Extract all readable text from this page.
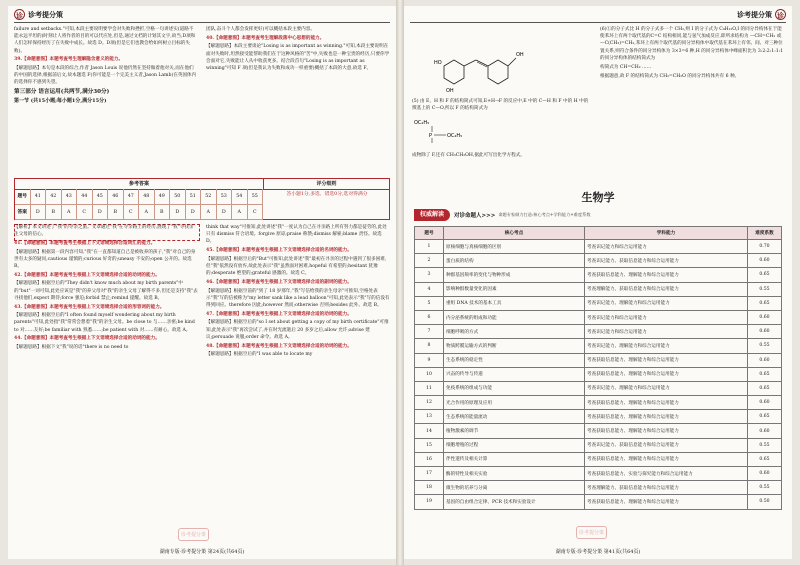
诊 诊考提分策

failure and setbacks."可知,本段主要说明要学会对失败和挫折,空格一句讲述实(道路不能永远平坦的)时刻让人将作者的目的可以代应处,但是,通过文档的计划其文字,故当,D项和人们怎样保持经历了在失败中成长。故选 D。D项(但是它们也教会给如何树立目标的失败)。

39.【命题意图】本题考查考生理解隐含意义的能力。

【解题思路】本句是本段的综合,作者 Jason Louis 说他仍然在坚持做着他对关,而在他们的中国的选择,根据前后文,故本题选 F(你可能是一个完美主义者,Jason Lamb)在英国体内的选择你不感到失望。

第三部分 语言运用(共两节,满分30分)
第一节 (共15小题;每小题1分,满分15分)

团队,奋斗个人都会发挥更好)可以概括本段主要内容。

40.【命题意图】本题考查考生理解段落中心思想的能力。

【解题思路】本段主要谈论"Losing is as important as winning."可知,本段主要说明在面对失败时,坦然接受能帮助我们在于这种风格的"苦"中,失败也是一种宝贵的经历,只要你学会面对它,失败能让人从中收获更多。结合段首句"Losing is as important as winning"可知 F 项(但是我认为失败和成功一样重要)概括了本段的大意,故选 F。

参考答案	评分细则
题号	41	42	43	44	45	46	47	48	49	50	51	52	53	54	55
答案	D	B	A	C	D	B	C	A	B	D	D	A	D	A	C
答小题1分,多选、错选0分,选对得满分

【解析】本文讲述了"我"的寻亲之旅。文章通过"我"在寻亲路上的经历,展现了"我"寻找亲生父母的信心。

41.【命题意图】本题考查考生根据上下文语境选择合适词汇的能力。

【解题思路】根据第一段内容可知,"我"在一直都知道自己是被收养的孩子,"我"对自己的身世有太多的疑问,cautious 谨慎的;curious 好奇的;uneasy 不安的;open 公开的。故选 B。

42.【命题意图】本题考查考生根据上下文语境选择合适的动词的能力。

【解题思路】根据空后的"They didn't know much about my birth parents"中的"but"一词可知,此处应该是"我"的养父母对"我"的亲生父母了解得不多,但还是支持"我"去寻找他们,expect 期待;force 强迫;forbid 禁止;remind 提醒。故选 B。

43.【命题意图】本题考查考生根据上下文语境选择合适的形容词的能力。

【解题思路】根据空后的"I often found myself wondering about my birth parents"可知,此处指"我"常常会想着"我"的亲生父母。be close to 与……亲密;be kind to 对……友好;be familiar with 熟悉……;be patient with 对……有耐心。故选 A。

44.【命题意图】本题考查考生根据上下文语境选择合适的动词的能力。

【解题思路】根据下文"我"说的话"there is no need to

think that way"可推知,此处讲述"我"一度认为自己在寻亲路上所有努力都是徒劳的,此处只有 dismiss 符合语境。forgive 原谅;praise 称赞;dismiss 解雇;blame 责怪。故选 D。

45.【命题意图】本题考查考生根据上下文语境选择合适的名词的能力。

【解题思路】根据空后的"But"可推知,此处讲述"我"最初在寻亲的过程中遇到了很多困难,但"我"依然没有放弃,故此处表示"我"虽然面对困难,hopeful 有希望的;hesitant 犹豫的;desperate 绝望的;grateful 感激的。故选 C。

46.【命题意图】本题考查考生根据上下文语境选择合适的副词的能力。

【解题思路】根据空前的"到了 18 岁那年,"我"写信给我的亲生母亲"可推知,空格处表示"我"写的信被称为"my letter sank like a lead balloon"可知,此处表示"我"写的信没有得到回应。therefore 因此;however 然而;otherwise 否则;besides 此外。故选 B。

47.【命题意图】本题考查考生根据上下文语境选择合适的动词的能力。

【解题思路】根据空后的"so I set about getting a copy of my birth certificate"可推知,此处表示"我"再次尝试了,并在时光流逝后 20 多岁之后,allow 允许;advise 建议;persuade 说服;order 命令。故选 A。

48.【命题意图】本题考查考生根据上下文语境选择合适的动词的能力。

【解题思路】根据空后的"I was able to locate my

诊考提分策
湖南专版·诊考提分策 第24页(共64页)
诊考提分策 诊
OH
HO
OH

(5) 由 E、H 和 F 的结构简式可知,E+H→F 的反应中,E 中的 C—H 和 F 中的 H 中的羰基上的 C—O,所以 F 的结构简式为

OC₂H₅
P	OC₂H₅

成物除了 F,还有 CH₃CH₂OH,据此可写出化学方程式。

(6)①的分子式比 H 的分子式多一个 CH₂,则 I 的分子式为 C₉H₁₂O,I 的同分异构体在于能使苯环上有两个取代基的C=C 结构相同,能与氢气加成反应,即所求结构为 —CH=CH₂ 或—C(CH₃)=CH₂,苯环上有两个取代基的同分异构体中取代基在苯环上有邻、间、对三种位置关系,则符合条件的同分异构体为 3×3=6 种,H 的同分异构体中峰面积比为 3:2:2:1:1:1 的同分异构体的结构简式为

构简式为 CH=CH₂ ……

根据题意,故 F 的结构简式为 CH₂=CH₂O 的同分异构体共有 6 种。

生物学
权威解读	对诊命题人>>> 命题专家倾力打造:核心考点+学科能力+难度系数
题号	核心考点	学科能力	难度系数
1	原核细胞与真核细胞的区别	考查识记能力和综合运用能力	0.70
2	蛋白质的结构	考查识记能力、获取信息能力和综合运用能力	0.60
3	种群基因频率的变化与物种形成	考查获取信息能力、理解能力和综合运用能力	0.65
4	影响种群数量变化的因素	考查理解能力、获取信息能力和综合运用能力	0.55
5	重组 DNA 技术的基本工具	考查识记能力、理解能力和综合运用能力	0.65
6	内分泌系统的组成和功能	考查识记能力和综合运用能力	0.60
7	细胞呼吸的方式	考查识记能力和综合运用能力	0.60
8	物质跨膜运输方式的判断	考查识记能力、理解能力和综合运用能力	0.55
9	生态系统的稳定性	考查获取信息能力、理解能力和综合运用能力	0.60
10	兴奋的传导与传递	考查获取信息能力、理解能力和综合运用能力	0.65
11	免疫系统的组成与功能	考查识记能力、理解能力和综合运用能力	0.65
12	光合作用的原理及应用	考查获取信息能力、理解能力和综合运用能力	0.60
13	生态系统的能量流动	考查获取信息能力、理解能力和综合运用能力	0.65
14	植物激素的调节	考查获取信息能力、理解能力和综合运用能力	0.60
15	细胞增殖的过程	考查识记能力、获取信息能力和综合运用能力	0.55
16	伴性遗传及相关计算	考查获取信息能力、理解能力和综合运用能力	0.65
17	酶的特性及相关实验	考查获取信息能力、实验与探究能力和综合运用能力	0.60
18	微生物的培养与分离	考查理解能力、获取信息能力和综合运用能力	0.55
19	基因的自由组合定律、PCR 技术和实验设计	考查获取信息能力、理解能力和综合运用能力	0.50
诊考提分策
湖南专版·诊考提分策 第41页(共64页)
